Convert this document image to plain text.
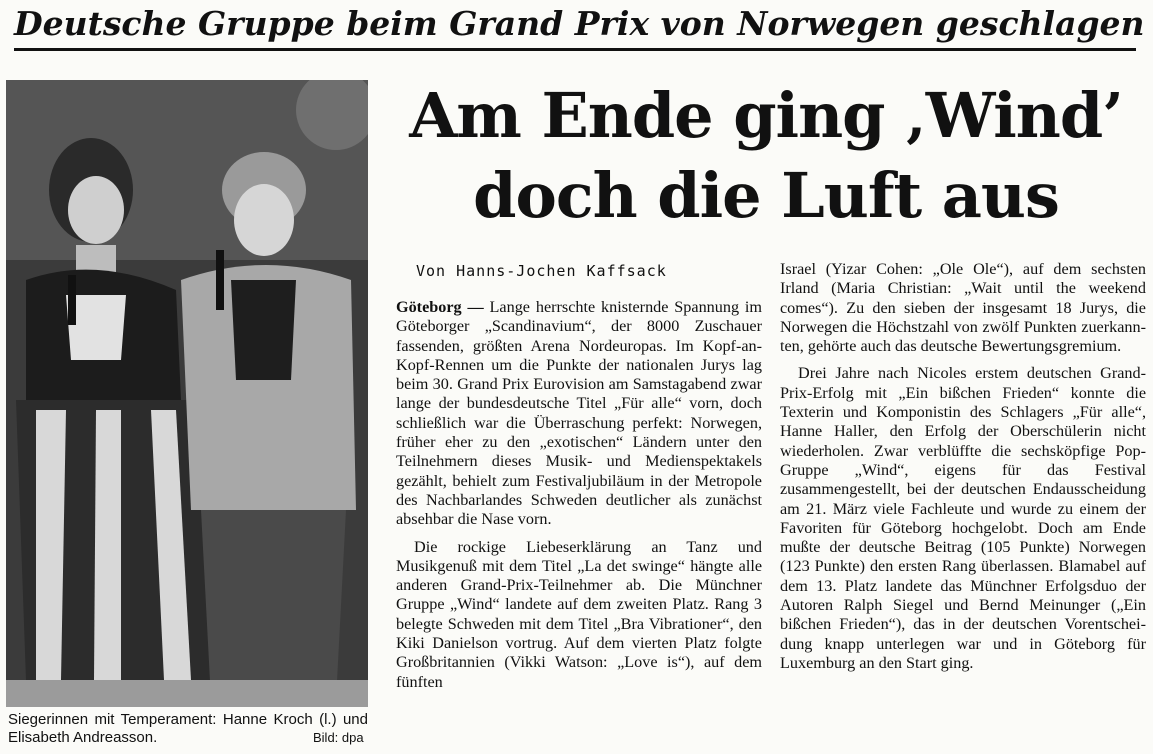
Deutsche Gruppe beim Grand Prix von Norwegen geschlagen
Siegerinnen mit Temperament: Hanne Kroch (l.) und Elisabeth Andreasson.	Bild: dpa
Am Ende ging ‚Wind’
doch die Luft aus
Von Hanns-Jochen Kaffsack

Göteborg — Lange herrschte knisternde Spannung im Göteborger „Scandinavium“, der 8000 Zuschauer fassenden, größten Arena Nordeuropas. Im Kopf-an-Kopf-Rennen um die Punkte der nationalen Jurys lag beim 30. Grand Prix Eurovision am Samstagabend zwar lange der bundesdeutsche Titel „Für alle“ vorn, doch schließlich war die Überraschung perfekt: Norwegen, früher eher zu den „exotischen“ Ländern unter den Teilnehmern dieses Musik- und Medienspektakels gezählt, behielt zum Festivaljubiläum in der Metropole des Nachbarlandes Schweden deutlicher als zunächst absehbar die Nase vorn.

Die rockige Liebeserklärung an Tanz und Musikgenuß mit dem Titel „La det swinge“ hängte alle anderen Grand-Prix-Teilnehmer ab. Die Münchner Gruppe „Wind“ landete auf dem zweiten Platz. Rang 3 belegte Schweden mit dem Titel „Bra Vibrationer“, den Kiki Danielson vortrug. Auf dem vierten Platz folgte Großbritannien (Vikki Watson: „Love is“), auf dem fünften

Israel (Yizar Cohen: „Ole Ole“), auf dem sechsten Irland (Maria Christian: „Wait until the weekend comes“). Zu den sieben der insgesamt 18 Jurys, die Norwegen die Höchstzahl von zwölf Punkten zuerkannten, gehörte auch das deutsche Bewertungsgremium.

Drei Jahre nach Nicoles erstem deutschen Grand-Prix-Erfolg mit „Ein bißchen Frieden“ konnte die Texterin und Komponistin des Schlagers „Für alle“, Hanne Haller, den Erfolg der Oberschülerin nicht wiederholen. Zwar verblüffte die sechsköpfige Pop-Gruppe „Wind“, eigens für das Festival zusammengestellt, bei der deutschen Endausscheidung am 21. März viele Fachleute und wurde zu einem der Favoriten für Göteborg hochgelobt. Doch am Ende mußte der deutsche Beitrag (105 Punkte) Norwegen (123 Punkte) den ersten Rang überlassen. Blamabel auf dem 13. Platz landete das Münchner Erfolgsduo der Autoren Ralph Siegel und Bernd Meinunger („Ein bißchen Frieden“), das in der deutschen Vorentscheidung knapp unterlegen war und in Göteborg für Luxemburg an den Start ging.
